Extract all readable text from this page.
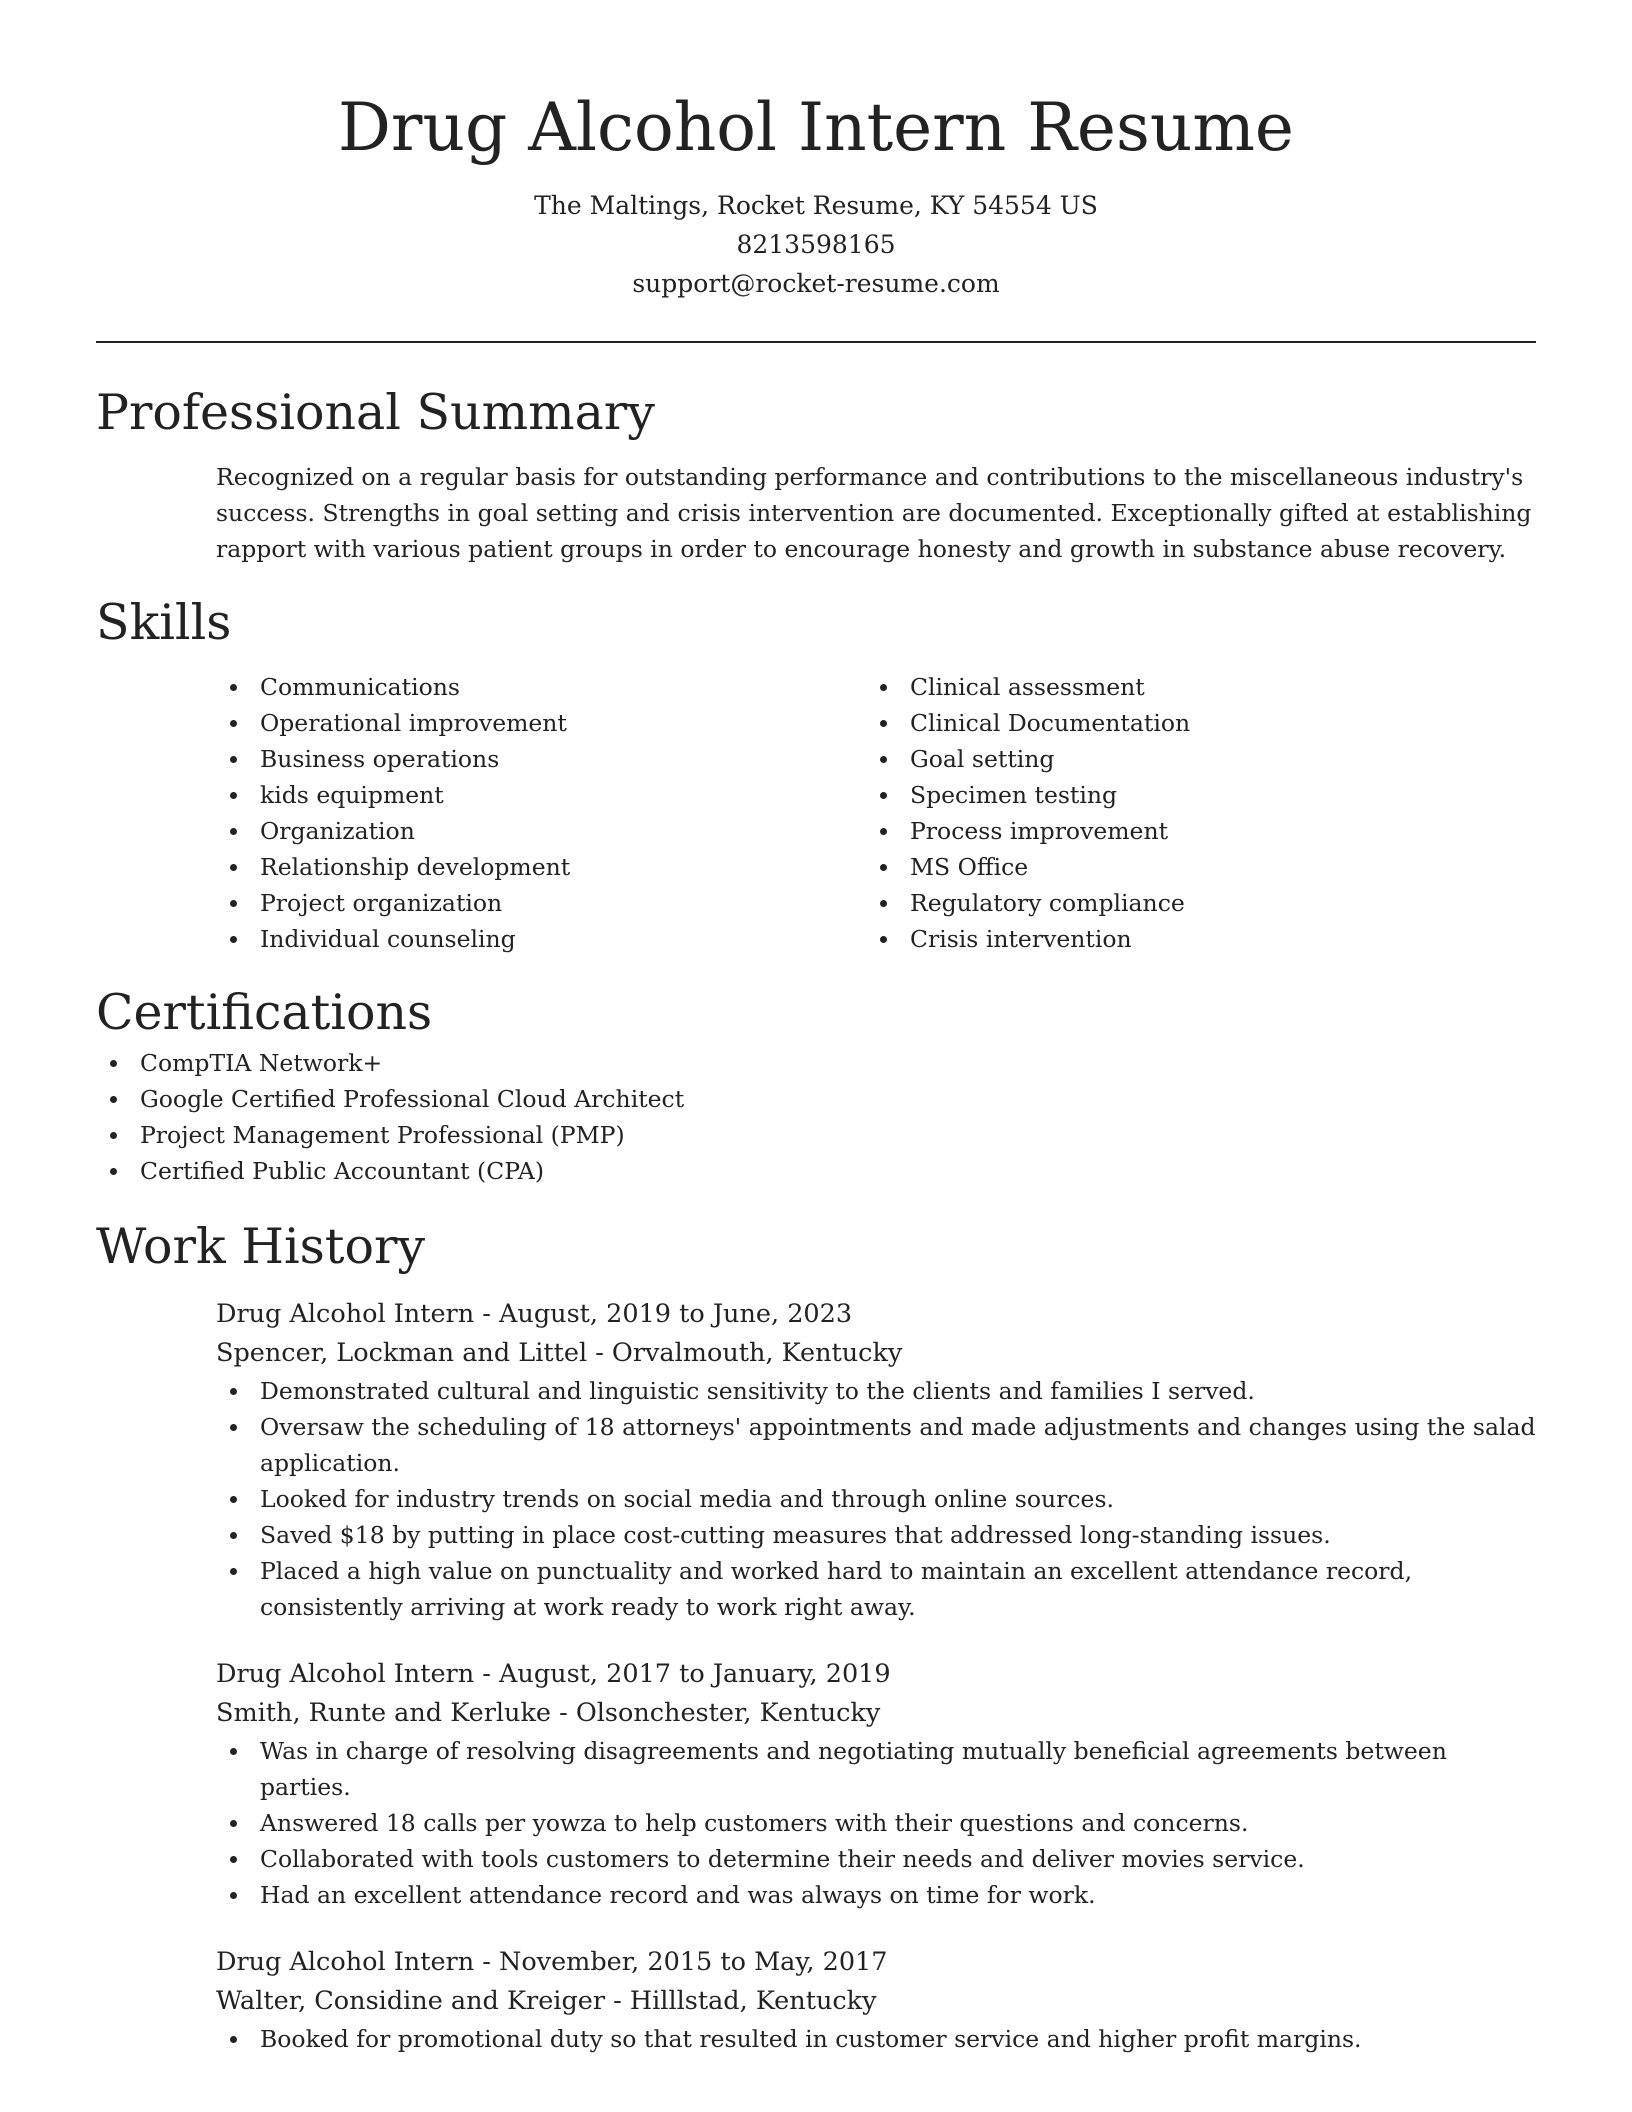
Drug Alcohol Intern Resume
The Maltings, Rocket Resume, KY 54554 US
8213598165
support@rocket-resume.com
Professional Summary
Recognized on a regular basis for outstanding performance and contributions to the miscellaneous industry's success. Strengths in goal setting and crisis intervention are documented. Exceptionally gifted at establishing rapport with various patient groups in order to encourage honesty and growth in substance abuse recovery.
Skills
Communications
Operational improvement
Business operations
kids equipment
Organization
Relationship development
Project organization
Individual counseling
Clinical assessment
Clinical Documentation
Goal setting
Specimen testing
Process improvement
MS Office
Regulatory compliance
Crisis intervention
Certifications
CompTIA Network+
Google Certified Professional Cloud Architect
Project Management Professional (PMP)
Certified Public Accountant (CPA)
Work History
Drug Alcohol Intern - August, 2019 to June, 2023
Spencer, Lockman and Littel - Orvalmouth, Kentucky
Demonstrated cultural and linguistic sensitivity to the clients and families I served.
Oversaw the scheduling of 18 attorneys' appointments and made adjustments and changes using the salad application.
Looked for industry trends on social media and through online sources.
Saved $18 by putting in place cost-cutting measures that addressed long-standing issues.
Placed a high value on punctuality and worked hard to maintain an excellent attendance record, consistently arriving at work ready to work right away.
Drug Alcohol Intern - August, 2017 to January, 2019
Smith, Runte and Kerluke - Olsonchester, Kentucky
Was in charge of resolving disagreements and negotiating mutually beneficial agreements between parties.
Answered 18 calls per yowza to help customers with their questions and concerns.
Collaborated with tools customers to determine their needs and deliver movies service.
Had an excellent attendance record and was always on time for work.
Drug Alcohol Intern - November, 2015 to May, 2017
Walter, Considine and Kreiger - Hilllstad, Kentucky
Booked for promotional duty so that resulted in customer service and higher profit margins.
